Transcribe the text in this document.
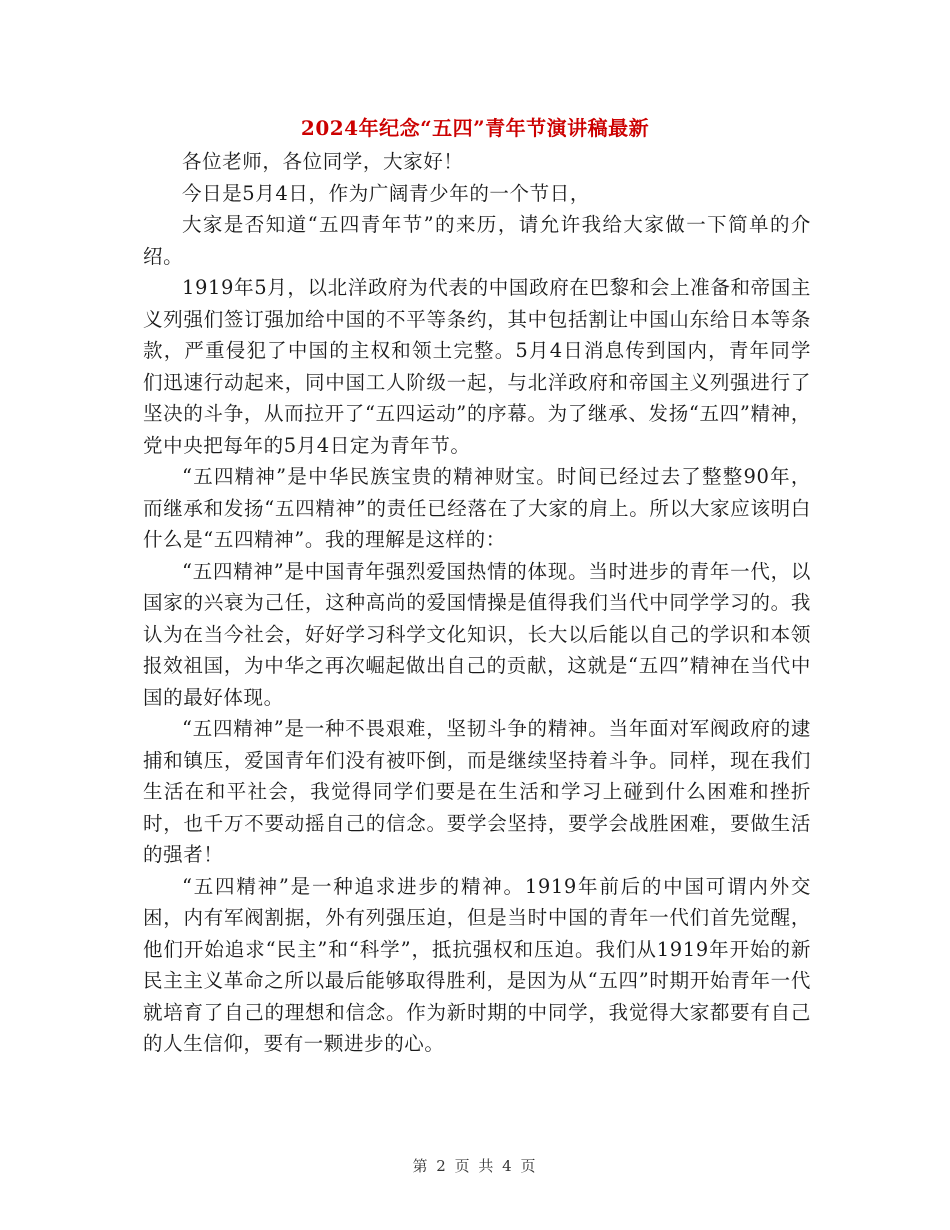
2024年纪念“五四”青年节演讲稿最新

各位老师，各位同学，大家好！

今日是5月4日，作为广阔青少年的一个节日，

大家是否知道“五四青年节”的来历，请允许我给大家做一下简单的介绍。

1919年5月，以北洋政府为代表的中国政府在巴黎和会上准备和帝国主义列强们签订强加给中国的不平等条约，其中包括割让中国山东给日本等条款，严重侵犯了中国的主权和领土完整。5月4日消息传到国内，青年同学们迅速行动起来，同中国工人阶级一起，与北洋政府和帝国主义列强进行了坚决的斗争，从而拉开了“五四运动”的序幕。为了继承、发扬“五四”精神，党中央把每年的5月4日定为青年节。

“五四精神”是中华民族宝贵的精神财宝。时间已经过去了整整90年，而继承和发扬“五四精神”的责任已经落在了大家的肩上。所以大家应该明白什么是“五四精神”。我的理解是这样的：

“五四精神”是中国青年强烈爱国热情的体现。当时进步的青年一代，以国家的兴衰为己任，这种高尚的爱国情操是值得我们当代中同学学习的。我认为在当今社会，好好学习科学文化知识，长大以后能以自己的学识和本领报效祖国，为中华之再次崛起做出自己的贡献，这就是“五四”精神在当代中国的最好体现。

“五四精神”是一种不畏艰难，坚韧斗争的精神。当年面对军阀政府的逮捕和镇压，爱国青年们没有被吓倒，而是继续坚持着斗争。同样，现在我们生活在和平社会，我觉得同学们要是在生活和学习上碰到什么困难和挫折时，也千万不要动摇自己的信念。要学会坚持，要学会战胜困难，要做生活的强者！

“五四精神”是一种追求进步的精神。1919年前后的中国可谓内外交困，内有军阀割据，外有列强压迫，但是当时中国的青年一代们首先觉醒，他们开始追求“民主”和“科学”，抵抗强权和压迫。我们从1919年开始的新民主主义革命之所以最后能够取得胜利，是因为从“五四”时期开始青年一代就培育了自己的理想和信念。作为新时期的中同学，我觉得大家都要有自己的人生信仰，要有一颗进步的心。

第 2 页 共 4 页
